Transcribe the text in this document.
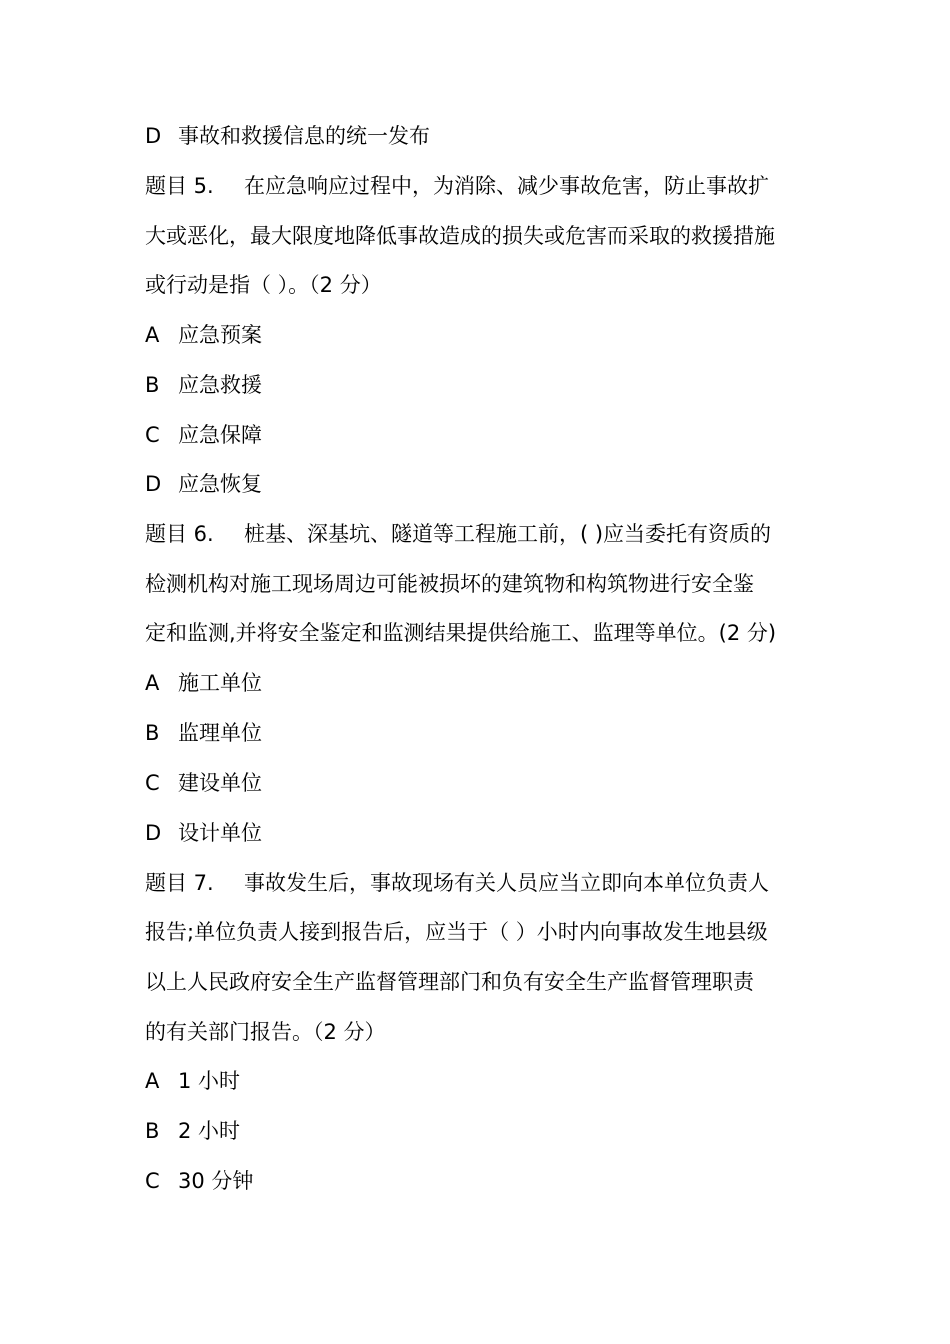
D 事故和救援信息的统一发布
题目 5. 在应急响应过程中，为消除、减少事故危害，防止事故扩
大或恶化，最大限度地降低事故造成的损失或危害而采取的救援措施
或行动是指（ ）。（2 分）
A 应急预案
B 应急救援
C 应急保障
D 应急恢复
题目 6. 桩基、深基坑、隧道等工程施工前，( )应当委托有资质的
检测机构对施工现场周边可能被损坏的建筑物和构筑物进行安全鉴
定和监测,并将安全鉴定和监测结果提供给施工、监理等单位。(2 分)
A 施工单位
B 监理单位
C 建设单位
D 设计单位
题目 7. 事故发生后，事故现场有关人员应当立即向本单位负责人
报告;单位负责人接到报告后，应当于（ ）小时内向事故发生地县级
以上人民政府安全生产监督管理部门和负有安全生产监督管理职责
的有关部门报告。（2 分）
A 1 小时
B 2 小时
C 30 分钟
